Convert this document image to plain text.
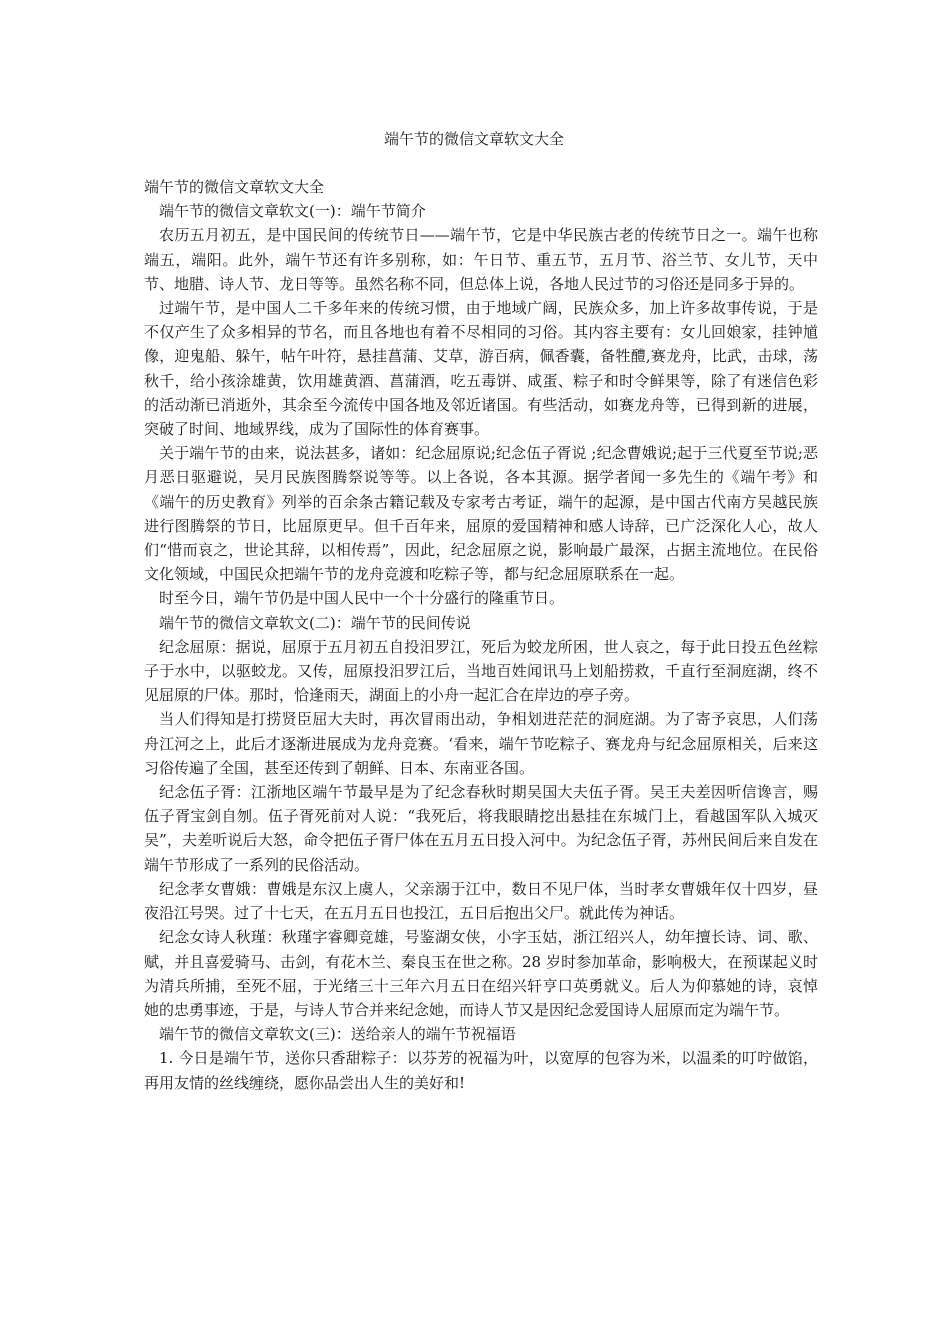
端午节的微信文章软文大全

端午节的微信文章软文大全

端午节的微信文章软文(一)：端午节简介

农历五月初五，是中国民间的传统节日——端午节，它是中华民族古老的传统节日之一。端午也称端五，端阳。此外，端午节还有许多别称，如：午日节、重五节，五月节、浴兰节、女儿节，天中节、地腊、诗人节、龙日等等。虽然名称不同，但总体上说，各地人民过节的习俗还是同多于异的。

过端午节，是中国人二千多年来的传统习惯，由于地域广阔，民族众多，加上许多故事传说，于是不仅产生了众多相异的节名，而且各地也有着不尽相同的习俗。其内容主要有：女儿回娘家，挂钟馗像，迎鬼船、躲午，帖午叶符，悬挂菖蒲、艾草，游百病，佩香囊，备牲醴,赛龙舟，比武，击球，荡秋千，给小孩涂雄黄，饮用雄黄酒、菖蒲酒，吃五毒饼、咸蛋、粽子和时令鲜果等，除了有迷信色彩的活动渐已消逝外，其余至今流传中国各地及邻近诸国。有些活动，如赛龙舟等，已得到新的进展，突破了时间、地域界线，成为了国际性的体育赛事。

关于端午节的由来，说法甚多，诸如：纪念屈原说;纪念伍子胥说 ;纪念曹娥说;起于三代夏至节说;恶月恶日驱避说，吴月民族图腾祭说等等。以上各说，各本其源。据学者闻一多先生的《端午考》和《端午的历史教育》列举的百余条古籍记载及专家考古考证，端午的起源，是中国古代南方吴越民族进行图腾祭的节日，比屈原更早。但千百年来，屈原的爱国精神和感人诗辞，已广泛深化人心，故人们“惜而哀之，世论其辞，以相传焉”，因此，纪念屈原之说，影响最广最深，占据主流地位。在民俗文化领域，中国民众把端午节的龙舟竞渡和吃粽子等，都与纪念屈原联系在一起。

时至今日，端午节仍是中国人民中一个十分盛行的隆重节日。

端午节的微信文章软文(二)：端午节的民间传说

纪念屈原：据说，屈原于五月初五自投汨罗江，死后为蛟龙所困，世人哀之，每于此日投五色丝粽子于水中，以驱蛟龙。又传，屈原投汨罗江后，当地百姓闻讯马上划船捞救，千直行至洞庭湖，终不见屈原的尸体。那时，恰逢雨天，湖面上的小舟一起汇合在岸边的亭子旁。

当人们得知是打捞贤臣屈大夫时，再次冒雨出动，争相划进茫茫的洞庭湖。为了寄予哀思，人们荡舟江河之上，此后才逐渐进展成为龙舟竞赛。‘看来，端午节吃粽子、赛龙舟与纪念屈原相关，后来这习俗传遍了全国，甚至还传到了朝鲜、日本、东南亚各国。

纪念伍子胥：江浙地区端午节最早是为了纪念春秋时期吴国大夫伍子胥。吴王夫差因听信谗言，赐伍子胥宝剑自刎。伍子胥死前对人说：“我死后，将我眼睛挖出悬挂在东城门上，看越国军队入城灭吴”，夫差听说后大怒，命令把伍子胥尸体在五月五日投入河中。为纪念伍子胥，苏州民间后来自发在端午节形成了一系列的民俗活动。

纪念孝女曹娥：曹娥是东汉上虞人，父亲溺于江中，数日不见尸体，当时孝女曹娥年仅十四岁，昼夜沿江号哭。过了十七天，在五月五日也投江，五日后抱出父尸。就此传为神话。

纪念女诗人秋瑾：秋瑾字睿卿竞雄，号鉴湖女侠，小字玉姑，浙江绍兴人，幼年擅长诗、词、歌、赋，并且喜爱骑马、击剑，有花木兰、秦良玉在世之称。28 岁时参加革命，影响极大，在预谋起义时为清兵所捕，至死不屈，于光绪三十三年六月五日在绍兴轩亨口英勇就义。后人为仰慕她的诗，哀悼她的忠勇事迹，于是，与诗人节合并来纪念她，而诗人节又是因纪念爱国诗人屈原而定为端午节。

端午节的微信文章软文(三)：送给亲人的端午节祝福语

1. 今日是端午节，送你只香甜粽子：以芬芳的祝福为叶，以宽厚的包容为米，以温柔的叮咛做馅，再用友情的丝线缠绕，愿你品尝出人生的美好和!
